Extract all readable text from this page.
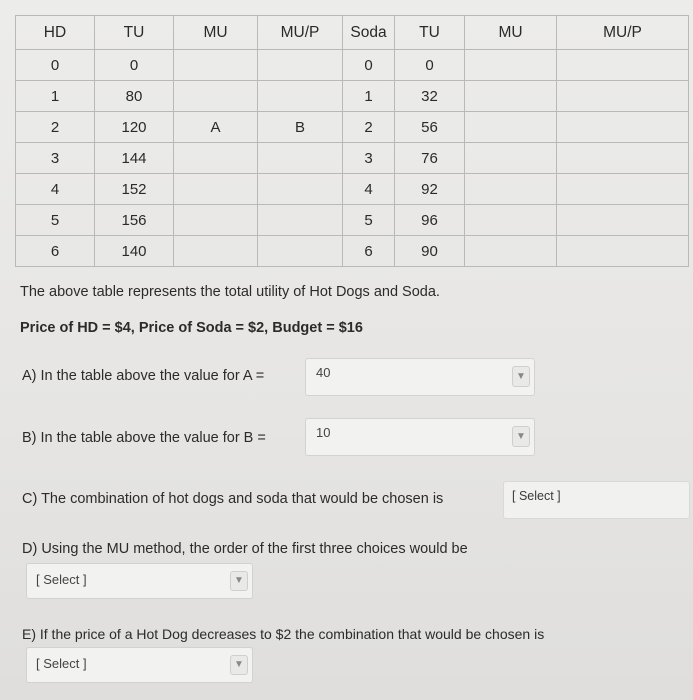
HD	TU	MU	MU/P	Soda	TU	MU	MU/P
0	0			0	0		
1	80			1	32		
2	120	A	B	2	56		
3	144			3	76		
4	152			4	92		
5	156			5	96		
6	140			6	90		
The above table represents the total utility of Hot Dogs and Soda.
Price of HD = $4, Price of Soda = $2, Budget = $16
A) In the table above the value for A =	40	▼
B) In the table above the value for B =	10	▼
C) The combination of hot dogs and soda that would be chosen is	[ Select ]
D) Using the MU method, the order of the first three choices would be
[ Select ]	▼
E) If the price of a Hot Dog decreases to $2 the combination that would be chosen is
[ Select ]	▼
